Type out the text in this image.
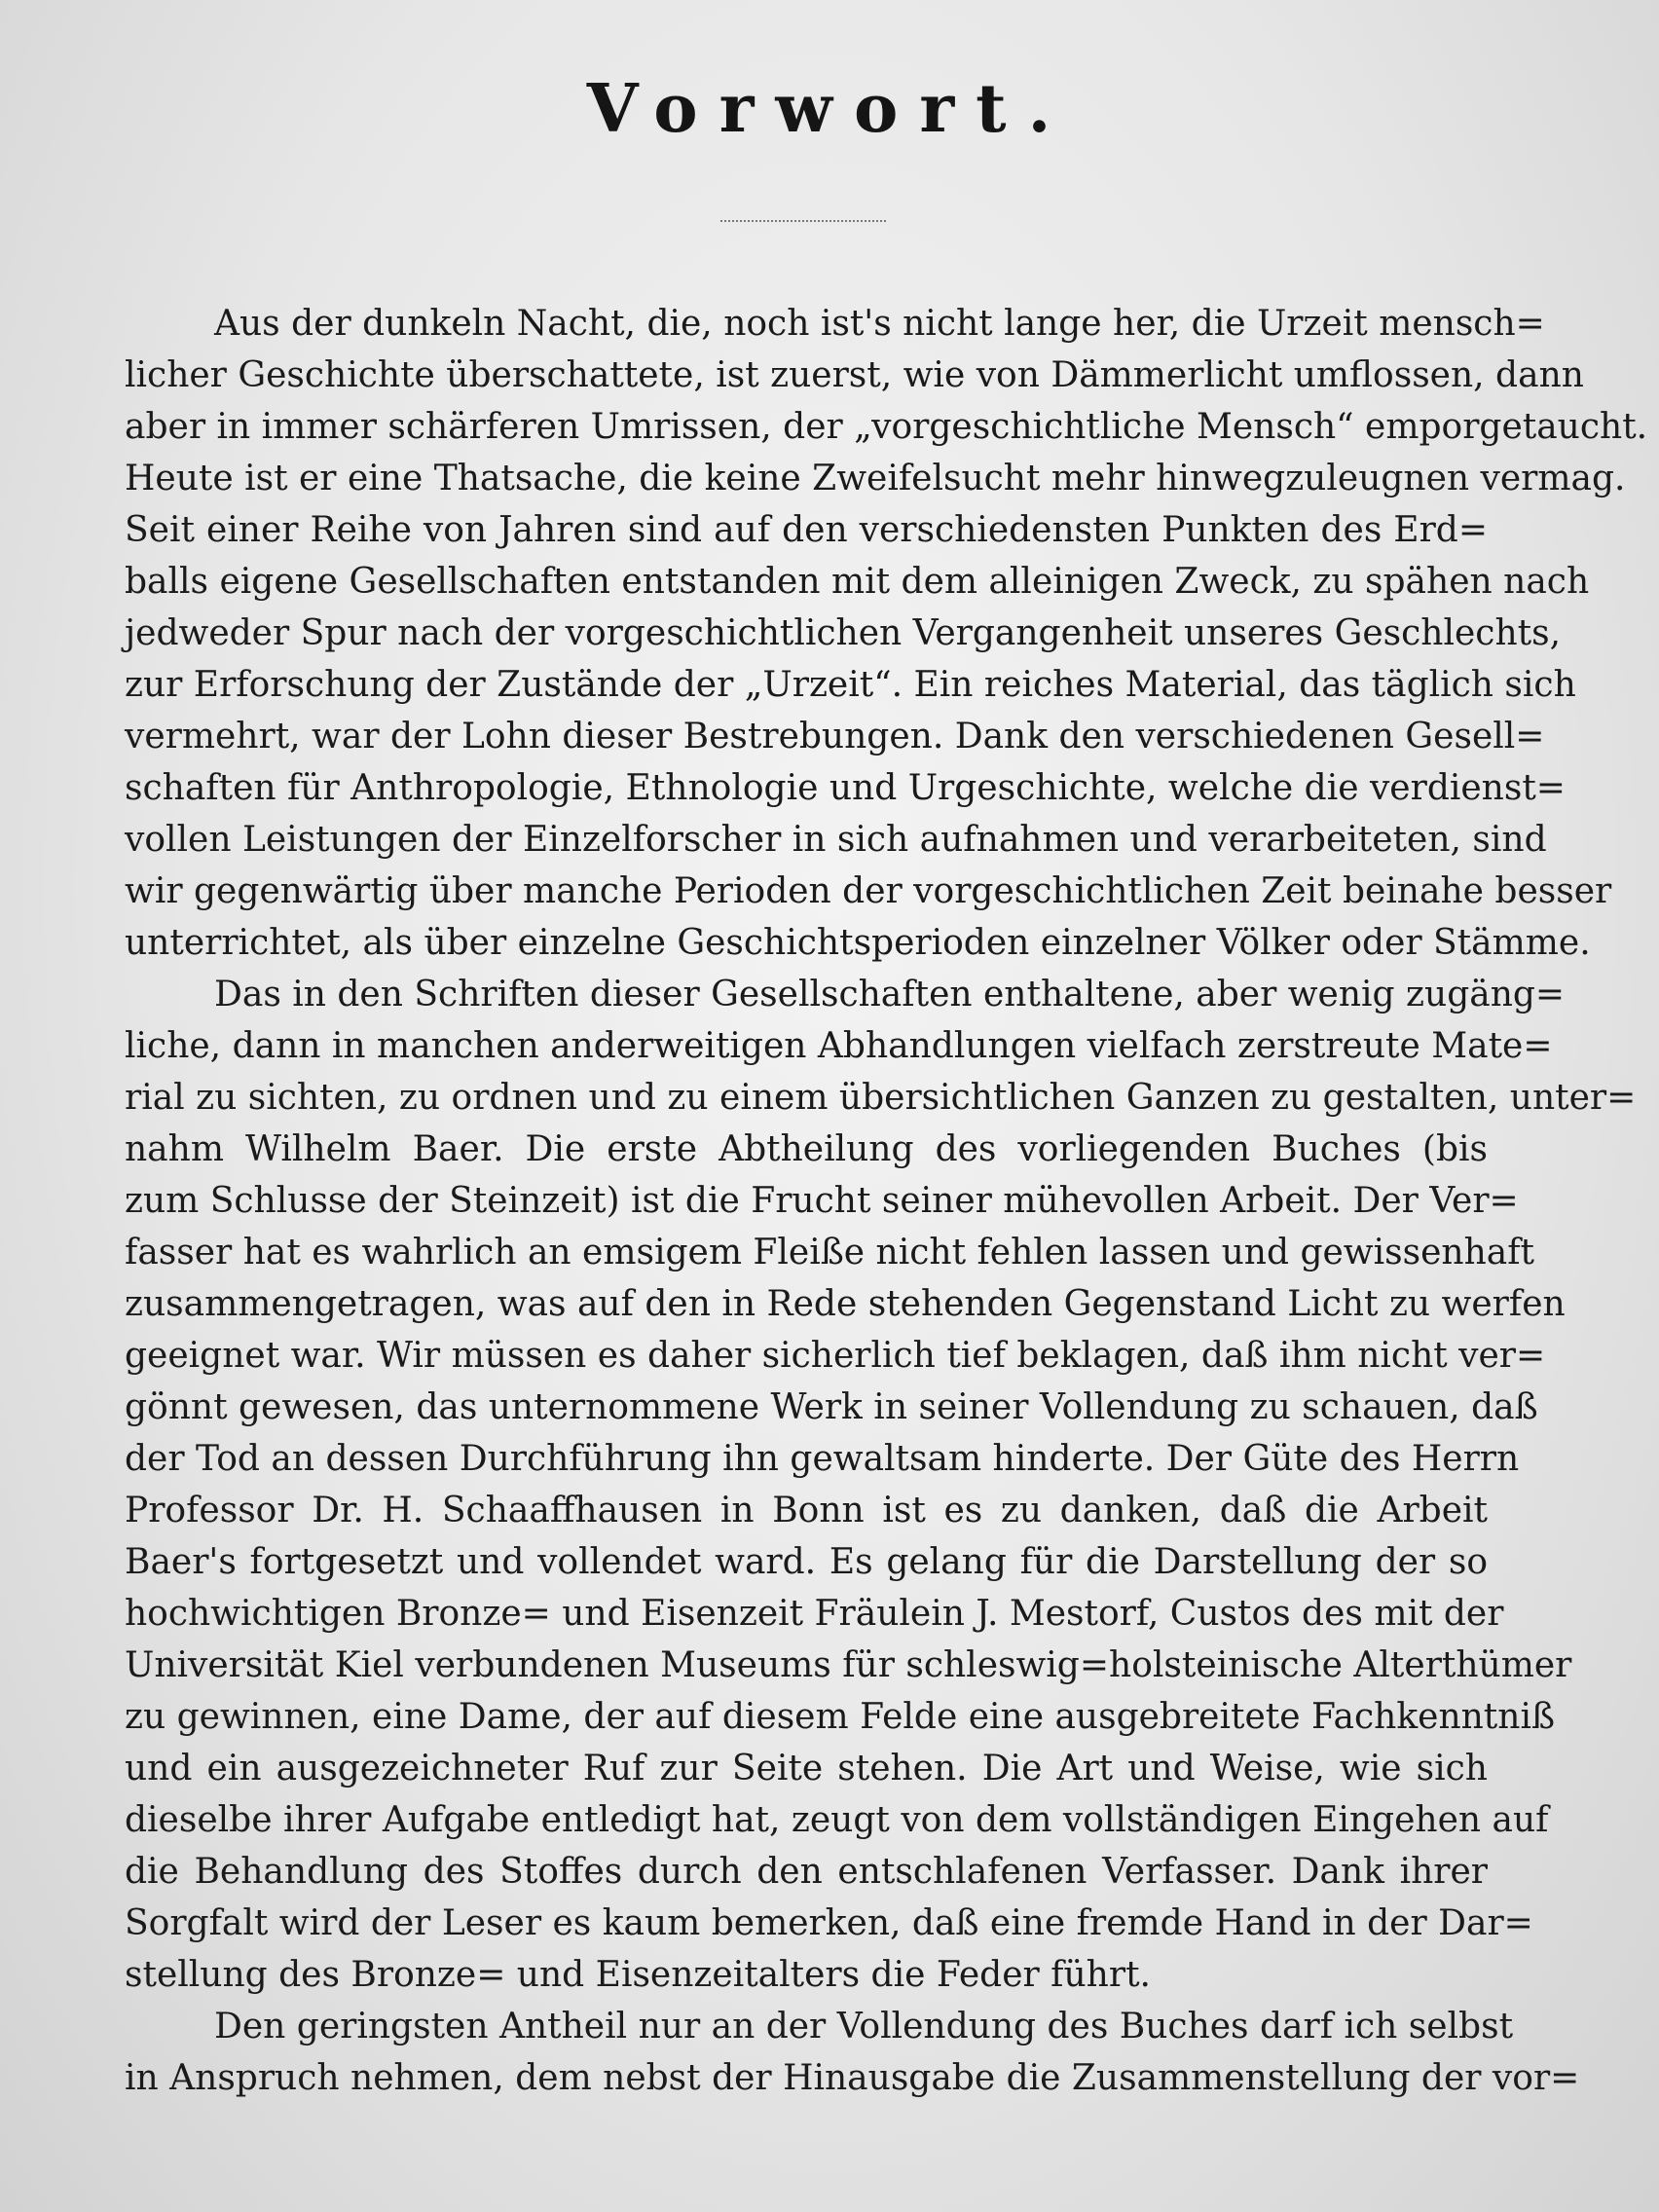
Vorwort.
Aus der dunkeln Nacht, die, noch ist's nicht lange her, die Urzeit mensch=
licher Geschichte überschattete, ist zuerst, wie von Dämmerlicht umflossen, dann
aber in immer schärferen Umrissen, der „vorgeschichtliche Mensch“ emporgetaucht.
Heute ist er eine Thatsache, die keine Zweifelsucht mehr hinwegzuleugnen vermag.
Seit einer Reihe von Jahren sind auf den verschiedensten Punkten des Erd=
balls eigene Gesellschaften entstanden mit dem alleinigen Zweck, zu spähen nach
jedweder Spur nach der vorgeschichtlichen Vergangenheit unseres Geschlechts,
zur Erforschung der Zustände der „Urzeit“. Ein reiches Material, das täglich sich
vermehrt, war der Lohn dieser Bestrebungen. Dank den verschiedenen Gesell=
schaften für Anthropologie, Ethnologie und Urgeschichte, welche die verdienst=
vollen Leistungen der Einzelforscher in sich aufnahmen und verarbeiteten, sind
wir gegenwärtig über manche Perioden der vorgeschichtlichen Zeit beinahe besser
unterrichtet, als über einzelne Geschichtsperioden einzelner Völker oder Stämme.
Das in den Schriften dieser Gesellschaften enthaltene, aber wenig zugäng=
liche, dann in manchen anderweitigen Abhandlungen vielfach zerstreute Mate=
rial zu sichten, zu ordnen und zu einem übersichtlichen Ganzen zu gestalten, unter=
nahm Wilhelm Baer. Die erste Abtheilung des vorliegenden Buches (bis
zum Schlusse der Steinzeit) ist die Frucht seiner mühevollen Arbeit. Der Ver=
fasser hat es wahrlich an emsigem Fleiße nicht fehlen lassen und gewissenhaft
zusammengetragen, was auf den in Rede stehenden Gegenstand Licht zu werfen
geeignet war. Wir müssen es daher sicherlich tief beklagen, daß ihm nicht ver=
gönnt gewesen, das unternommene Werk in seiner Vollendung zu schauen, daß
der Tod an dessen Durchführung ihn gewaltsam hinderte. Der Güte des Herrn
Professor Dr. H. Schaaffhausen in Bonn ist es zu danken, daß die Arbeit
Baer's fortgesetzt und vollendet ward. Es gelang für die Darstellung der so
hochwichtigen Bronze= und Eisenzeit Fräulein J. Mestorf, Custos des mit der
Universität Kiel verbundenen Museums für schleswig=holsteinische Alterthümer
zu gewinnen, eine Dame, der auf diesem Felde eine ausgebreitete Fachkenntniß
und ein ausgezeichneter Ruf zur Seite stehen. Die Art und Weise, wie sich
dieselbe ihrer Aufgabe entledigt hat, zeugt von dem vollständigen Eingehen auf
die Behandlung des Stoffes durch den entschlafenen Verfasser. Dank ihrer
Sorgfalt wird der Leser es kaum bemerken, daß eine fremde Hand in der Dar=
stellung des Bronze= und Eisenzeitalters die Feder führt.
Den geringsten Antheil nur an der Vollendung des Buches darf ich selbst
in Anspruch nehmen, dem nebst der Hinausgabe die Zusammenstellung der vor=
